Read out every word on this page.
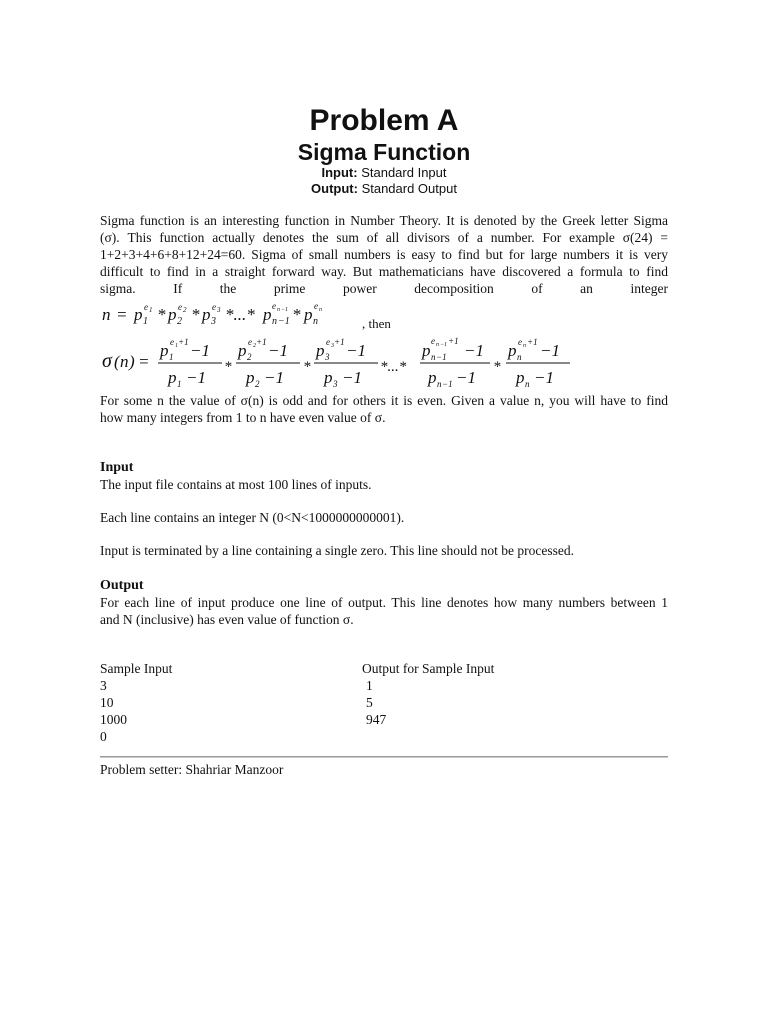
Problem A
Sigma Function
Input: Standard Input
Output: Standard Output
Sigma function is an interesting function in Number Theory. It is denoted by the Greek letter Sigma
(σ). This function actually denotes the sum of all divisors of a number. For example σ(24) =
1+2+3+4+6+8+12+24=60. Sigma of small numbers is easy to find but for large numbers it is very
difficult to find in a straight forward way. But mathematicians have discovered a formula to find
sigma. If the prime power decomposition of an integer
n = p 1
e 1 * p 2
e 2 * p 3
e 3 *...* p n −1
e n −1 * p n
e n
, then
σ ( n ) =
p 1
e 1 +1 −1
p 1 −1
*
p 2
e 2 +1 −1
p 2 −1
*
p 3
e 3 +1 −1
p 3 −1
*...*
p n −1
e n −1 +1 −1
p n −1 −1
*
p n
e n +1 −1
p n −1
For some n the value of σ(n) is odd and for others it is even. Given a value n, you will have to find
how many integers from 1 to n have even value of σ.
Input
The input file contains at most 100 lines of inputs.
Each line contains an integer N (0<N<1000000000001).
Input is terminated by a line containing a single zero. This line should not be processed.
Output
For each line of input produce one line of output. This line denotes how many numbers between 1
and N (inclusive) has even value of function σ.
Sample Input
3
10
1000
0
Output for Sample Input
1
5
947
Problem setter: Shahriar Manzoor
